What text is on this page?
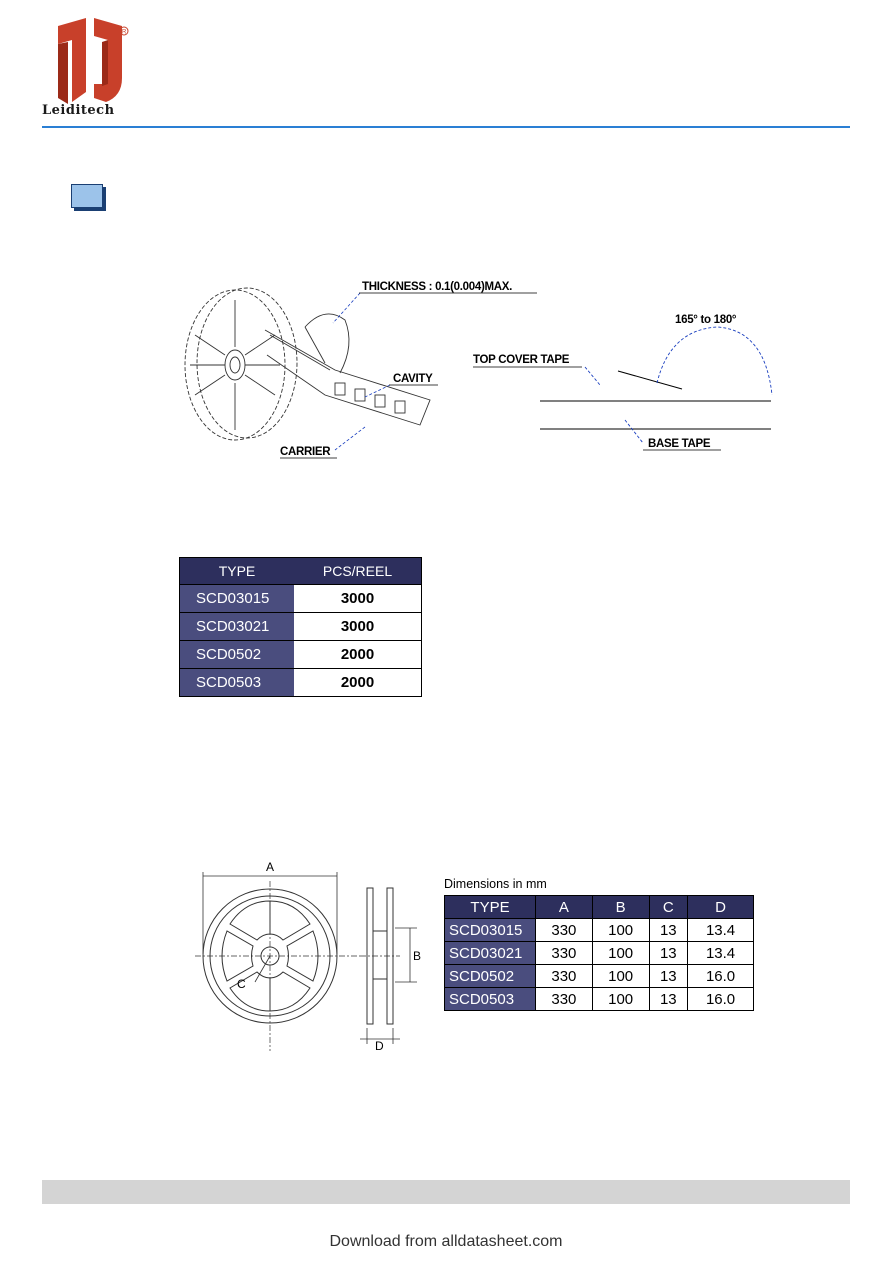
R
Leiditech
THICKNESS : 0.1(0.004)MAX.
CAVITY
CARRIER
TOP COVER TAPE
BASE TAPE
165° to 180°
TYPE	PCS/REEL
SCD03015	3000
SCD03021	3000
SCD0502	2000
SCD0503	2000
A
B
C
D
Dimensions in mm
TYPE	A	B	C	D
SCD03015	330	100	13	13.4
SCD03021	330	100	13	13.4
SCD0502	330	100	13	16.0
SCD0503	330	100	13	16.0
Download from alldatasheet.com
